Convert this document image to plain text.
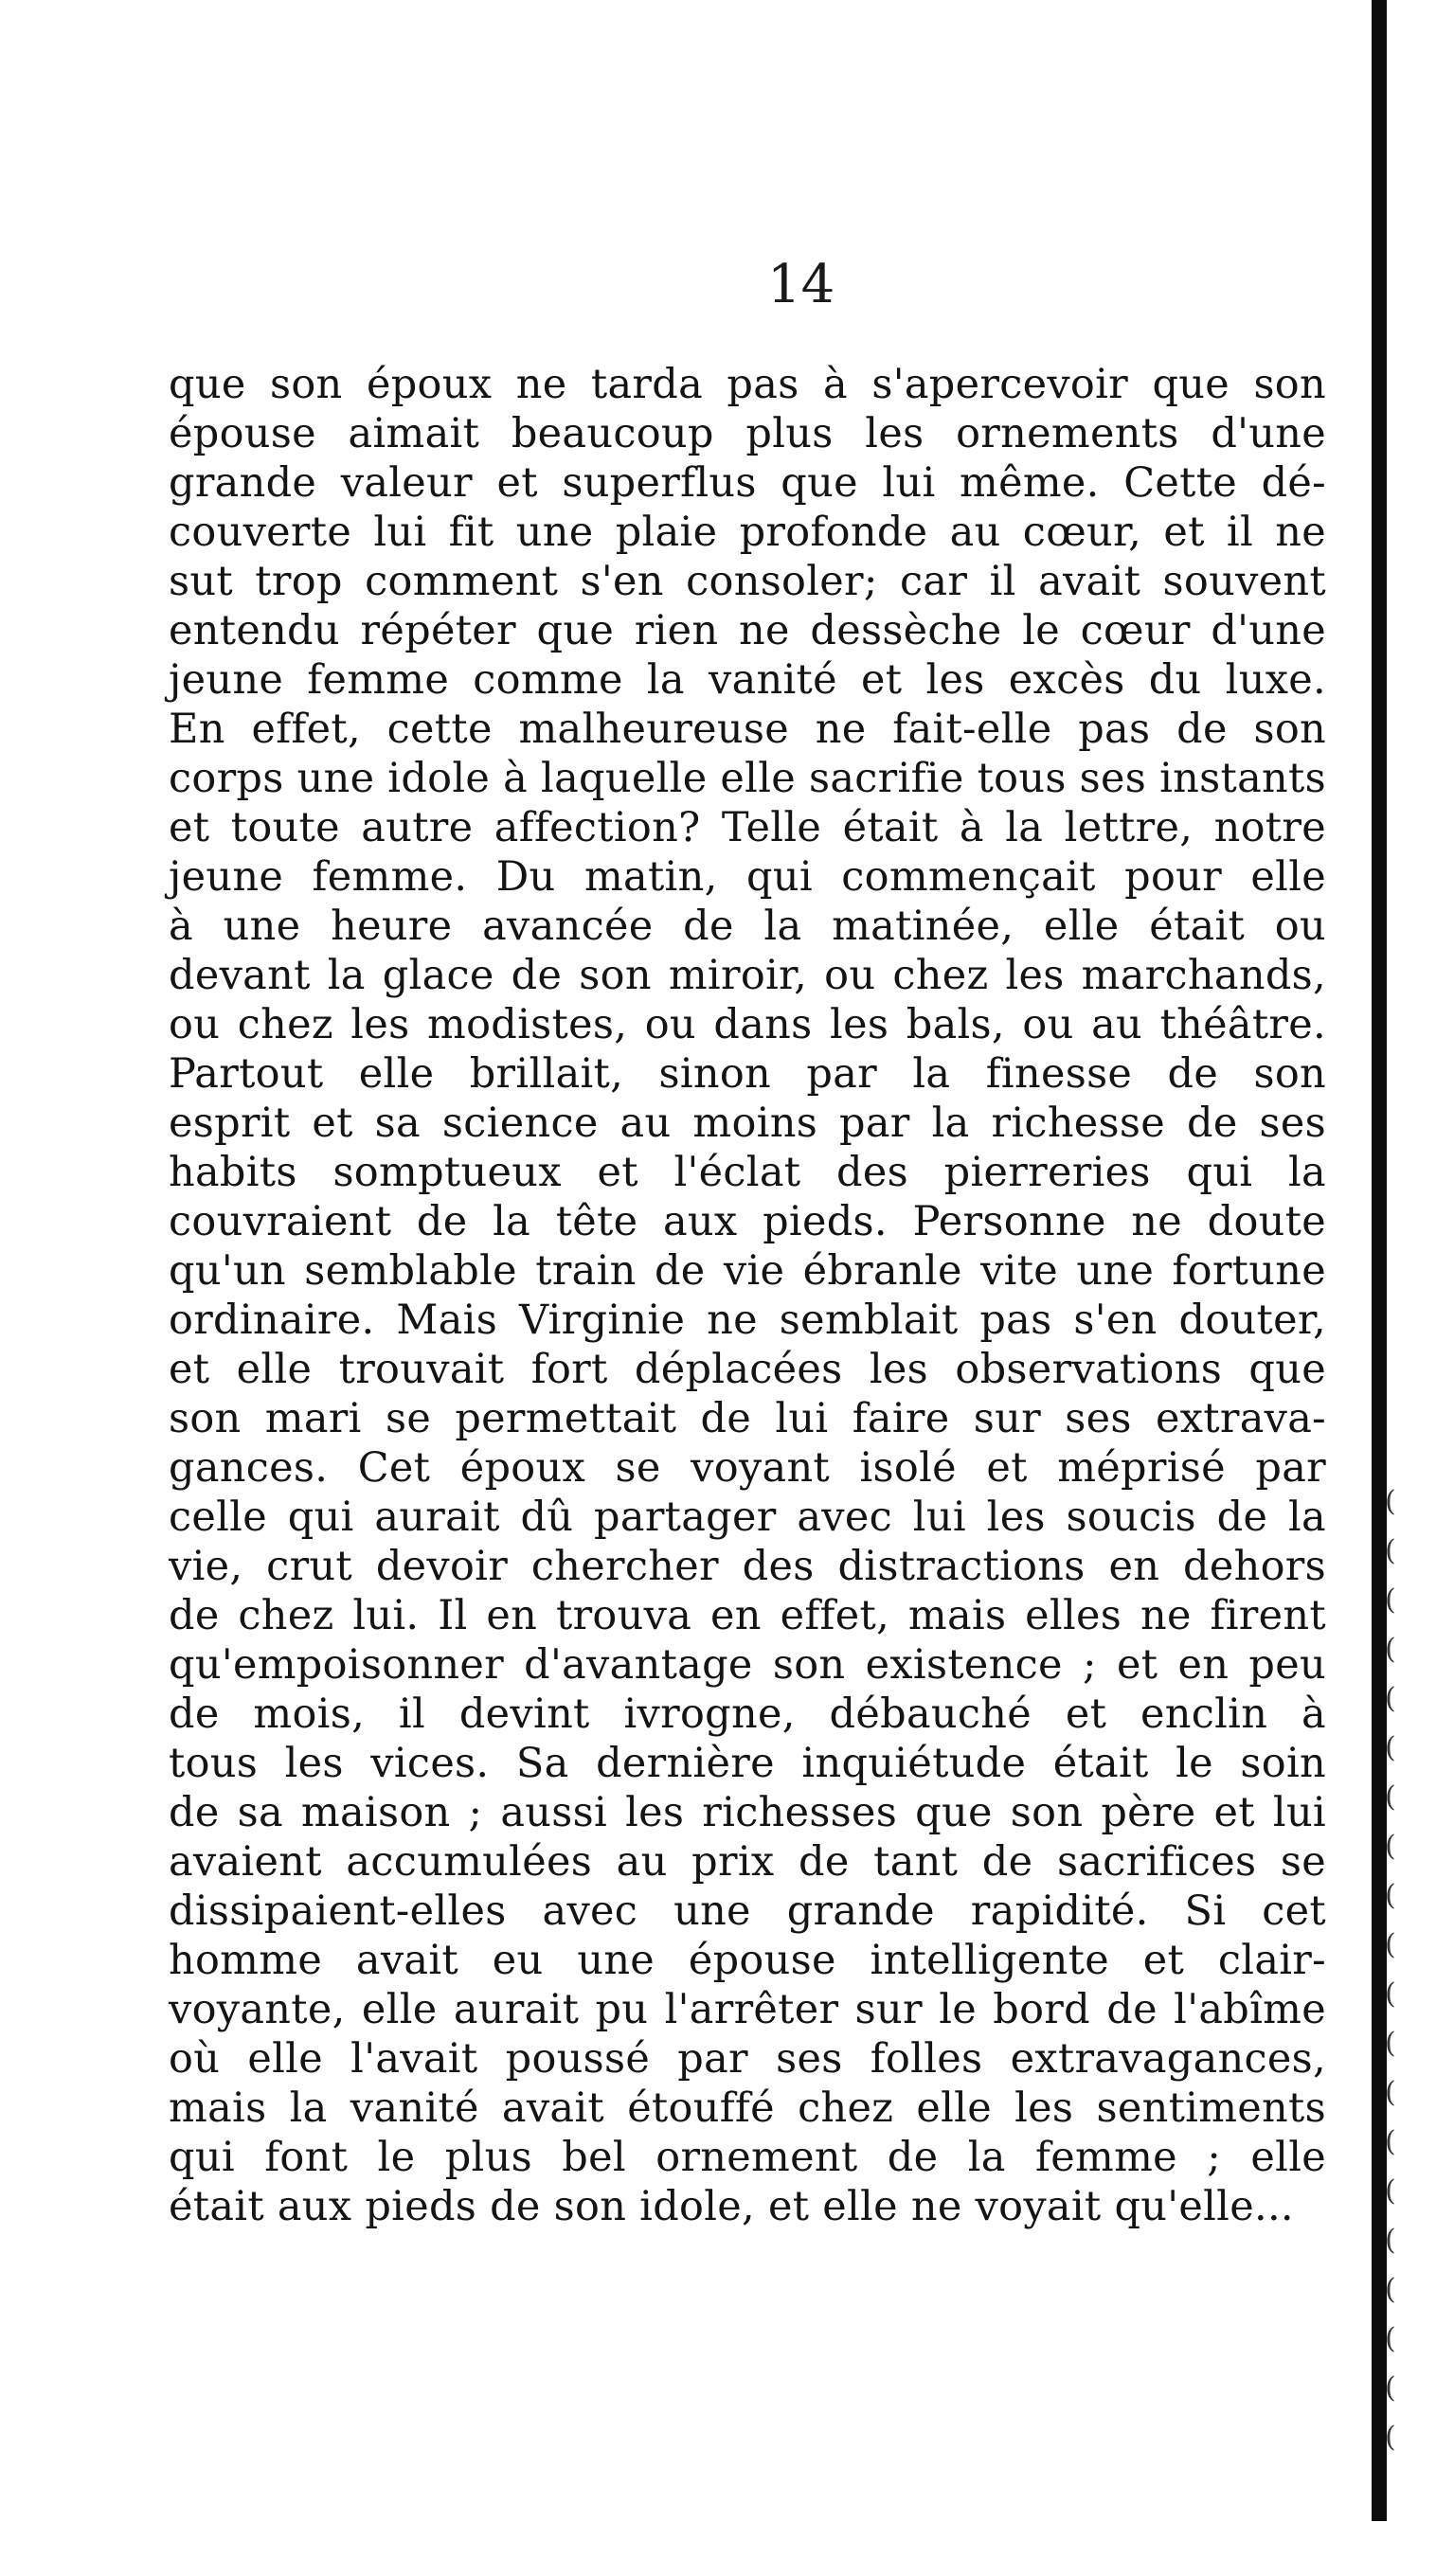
14
que son époux ne tarda pas à s'apercevoir que son
épouse aimait beaucoup plus les ornements d'une
grande valeur et superflus que lui même. Cette dé-
couverte lui fit une plaie profonde au cœur, et il ne
sut trop comment s'en consoler; car il avait souvent
entendu répéter que rien ne dessèche le cœur d'une
jeune femme comme la vanité et les excès du luxe.
En effet, cette malheureuse ne fait-elle pas de son
corps une idole à laquelle elle sacrifie tous ses instants
et toute autre affection? Telle était à la lettre, notre
jeune femme. Du matin, qui commençait pour elle
à une heure avancée de la matinée, elle était ou
devant la glace de son miroir, ou chez les marchands,
ou chez les modistes, ou dans les bals, ou au théâtre.
Partout elle brillait, sinon par la finesse de son
esprit et sa science au moins par la richesse de ses
habits somptueux et l'éclat des pierreries qui la
couvraient de la tête aux pieds. Personne ne doute
qu'un semblable train de vie ébranle vite une fortune
ordinaire. Mais Virginie ne semblait pas s'en douter,
et elle trouvait fort déplacées les observations que
son mari se permettait de lui faire sur ses extrava-
gances. Cet époux se voyant isolé et méprisé par
celle qui aurait dû partager avec lui les soucis de la
vie, crut devoir chercher des distractions en dehors
de chez lui. Il en trouva en effet, mais elles ne firent
qu'empoisonner d'avantage son existence ; et en peu
de mois, il devint ivrogne, débauché et enclin à
tous les vices. Sa dernière inquiétude était le soin
de sa maison ; aussi les richesses que son père et lui
avaient accumulées au prix de tant de sacrifices se
dissipaient-elles avec une grande rapidité. Si cet
homme avait eu une épouse intelligente et clair-
voyante, elle aurait pu l'arrêter sur le bord de l'abîme
où elle l'avait poussé par ses folles extravagances,
mais la vanité avait étouffé chez elle les sentiments
qui font le plus bel ornement de la femme ; elle
était aux pieds de son idole, et elle ne voyait qu'elle...
(
(
(
(
(
(
(
(
(
(
(
(
(
(
(
(
(
(
(
(
